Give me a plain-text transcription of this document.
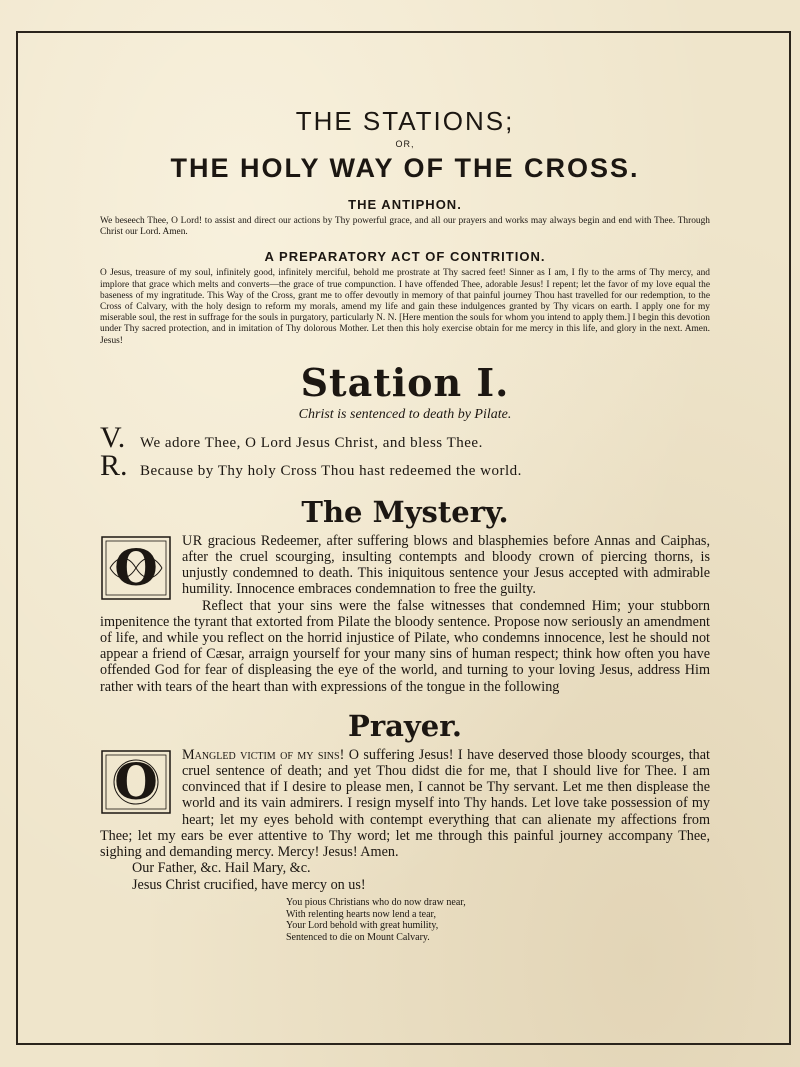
THE STATIONS;
OR,
THE HOLY WAY OF THE CROSS.
THE ANTIPHON.

We beseech Thee, O Lord! to assist and direct our actions by Thy powerful grace, and all our prayers and works may always begin and end with Thee. Through Christ our Lord. Amen.

A PREPARATORY ACT OF CONTRITION.

O Jesus, treasure of my soul, infinitely good, infinitely merciful, behold me prostrate at Thy sacred feet! Sinner as I am, I fly to the arms of Thy mercy, and implore that grace which melts and converts—the grace of true compunction. I have offended Thee, adorable Jesus! I repent; let the favor of my love equal the baseness of my ingratitude. This Way of the Cross, grant me to offer devoutly in memory of that painful journey Thou hast travelled for our redemption, to the Cross of Calvary, with the holy design to reform my morals, amend my life and gain these indulgences granted by Thy vicars on earth. I apply one for my miserable soul, the rest in suffrage for the souls in purgatory, particularly N. N. [Here mention the souls for whom you intend to apply them.] I begin this devotion under Thy sacred protection, and in imitation of Thy dolorous Mother. Let then this holy exercise obtain for me mercy in this life, and glory in the next. Amen. Jesus!

Station I.
Christ is sentenced to death by Pilate.
V. We adore Thee, O Lord Jesus Christ, and bless Thee.
R. Because by Thy holy Cross Thou hast redeemed the world.
The Mystery.

O UR gracious Redeemer, after suffering blows and blasphemies before Annas and Caiphas, after the cruel scourging, insulting contempts and bloody crown of piercing thorns, is unjustly condemned to death. This iniquitous sentence your Jesus accepted with admirable humility. Innocence embraces condemnation to free the guilty.

Reflect that your sins were the false witnesses that condemned Him; your stubborn impenitence the tyrant that extorted from Pilate the bloody sentence. Propose now seriously an amendment of life, and while you reflect on the horrid injustice of Pilate, who condemns innocence, lest he should not appear a friend of Cæsar, arraign yourself for your many sins of human respect; think how often you have offended God for fear of displeasing the eye of the world, and turning to your loving Jesus, address Him rather with tears of the heart than with expressions of the tongue in the following

Prayer.

O Mangled victim of my sins! O suffering Jesus! I have deserved those bloody scourges, that cruel sentence of death; and yet Thou didst die for me, that I should live for Thee. I am convinced that if I desire to please men, I cannot be Thy servant. Let me then displease the world and its vain admirers. I resign myself into Thy hands. Let love take possession of my heart; let my eyes behold with contempt everything that can alienate my affections from Thee; let my ears be ever attentive to Thy word; let me through this painful journey accompany Thee, sighing and demanding mercy. Mercy! Jesus! Amen.

Our Father, &c. Hail Mary, &c.

Jesus Christ crucified, have mercy on us!

You pious Christians who do now draw near,
With relenting hearts now lend a tear,
Your Lord behold with great humility,
Sentenced to die on Mount Calvary.
